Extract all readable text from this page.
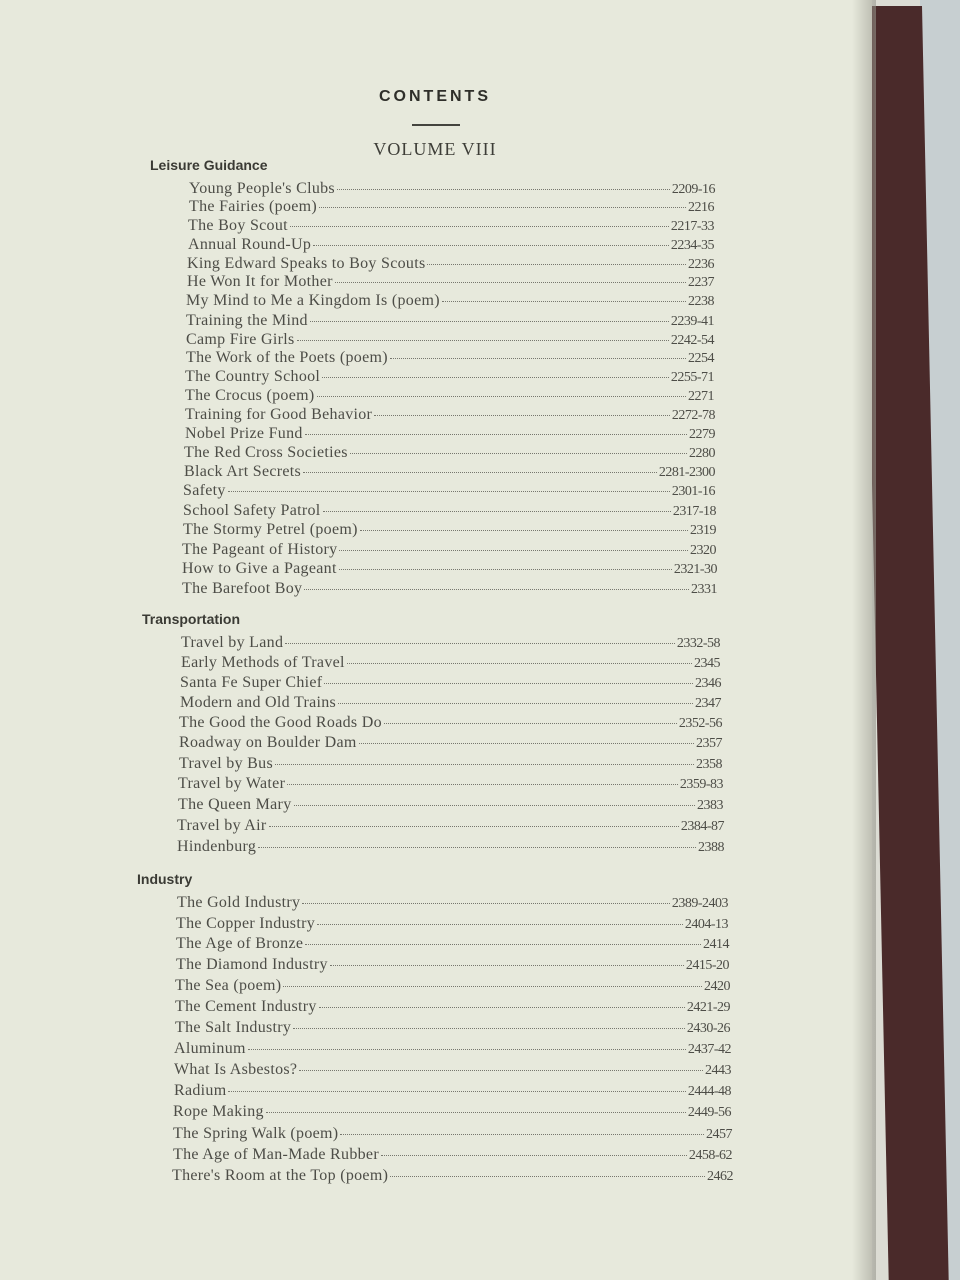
CONTENTS
VOLUME VIII
Leisure Guidance
Young People's Clubs	2209-16
The Fairies (poem)	2216
The Boy Scout	2217-33
Annual Round-Up	2234-35
King Edward Speaks to Boy Scouts	2236
He Won It for Mother	2237
My Mind to Me a Kingdom Is (poem)	2238
Training the Mind	2239-41
Camp Fire Girls	2242-54
The Work of the Poets (poem)	2254
The Country School	2255-71
The Crocus (poem)	2271
Training for Good Behavior	2272-78
Nobel Prize Fund	2279
The Red Cross Societies	2280
Black Art Secrets	2281-2300
Safety	2301-16
School Safety Patrol	2317-18
The Stormy Petrel (poem)	2319
The Pageant of History	2320
How to Give a Pageant	2321-30
The Barefoot Boy	2331
Transportation
Travel by Land	2332-58
Early Methods of Travel	2345
Santa Fe Super Chief	2346
Modern and Old Trains	2347
The Good the Good Roads Do	2352-56
Roadway on Boulder Dam	2357
Travel by Bus	2358
Travel by Water	2359-83
The Queen Mary	2383
Travel by Air	2384-87
Hindenburg	2388
Industry
The Gold Industry	2389-2403
The Copper Industry	2404-13
The Age of Bronze	2414
The Diamond Industry	2415-20
The Sea (poem)	2420
The Cement Industry	2421-29
The Salt Industry	2430-26
Aluminum	2437-42
What Is Asbestos?	2443
Radium	2444-48
Rope Making	2449-56
The Spring Walk (poem)	2457
The Age of Man-Made Rubber	2458-62
There's Room at the Top (poem)	2462
